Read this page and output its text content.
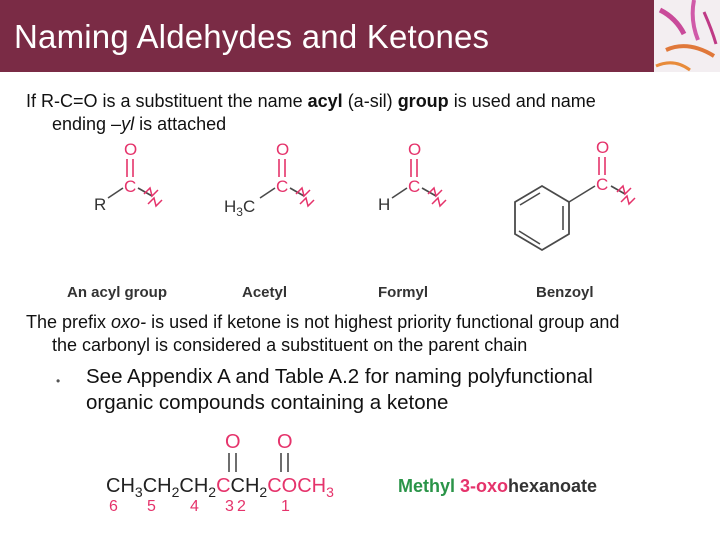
Naming Aldehydes and Ketones

If R-C=O is a substituent the name acyl (a-sil) group is used and name
ending –yl is attached

O
C
R
O
C
$H_3C$
O
C
H
O
C
An acyl group	Acetyl	Formyl	Benzoyl

The prefix oxo- is used if ketone is not highest priority functional group and
the carbonyl is considered a substituent on the parent chain

•	See Appendix A and Table A.2 for naming polyfunctional
organic compounds containing a ketone
O O
$CH_3CH_2CH_2CCH_2COCH_3$
6 5 4 3 2 1
Methyl 3-oxohexanoate
